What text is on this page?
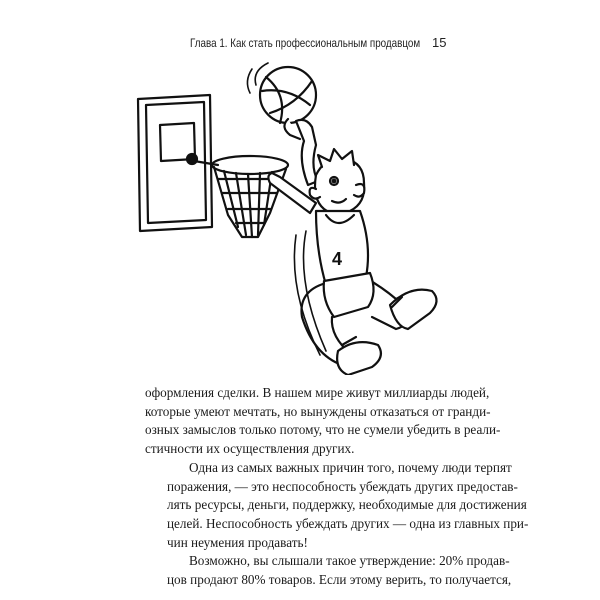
Глава 1. Как стать профессиональным продавцом 15
4

оформления сделки. В нашем мире живут миллиарды людей,
которые умеют мечтать, но вынуждены отказаться от гранди-
озных замыслов только потому, что не сумели убедить в реали-
стичности их осуществления других.

Одна из самых важных причин того, почему люди терпят
поражения, — это неспособность убеждать других предостав-
лять ресурсы, деньги, поддержку, необходимые для достижения
целей. Неспособность убеждать других — одна из главных при-
чин неумения продавать!

Возможно, вы слышали такое утверждение: 20% продав-
цов продают 80% товаров. Если этому верить, то получается,
